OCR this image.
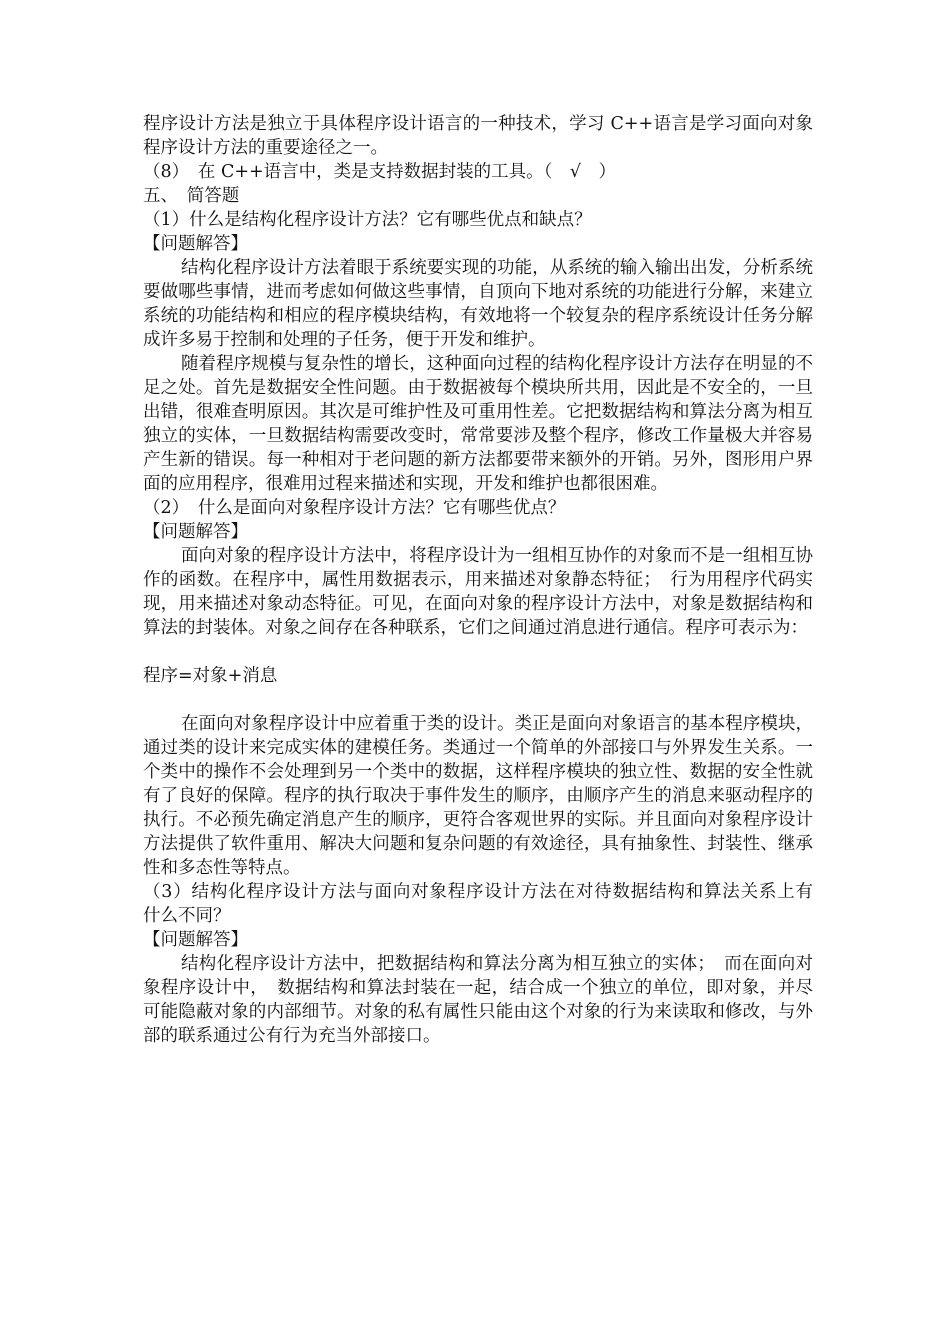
程序设计方法是独立于具体程序设计语言的一种技术，学习 C++语言是学习面向对象程序设计方法的重要途径之一。

（8）　在 C++语言中，类是支持数据封装的工具。（　√　）

五、　简答题

（1）什么是结构化程序设计方法？它有哪些优点和缺点？

【问题解答】

结构化程序设计方法着眼于系统要实现的功能，从系统的输入输出出发，分析系统要做哪些事情，进而考虑如何做这些事情，自顶向下地对系统的功能进行分解，来建立系统的功能结构和相应的程序模块结构，有效地将一个较复杂的程序系统设计任务分解成许多易于控制和处理的子任务，便于开发和维护。

随着程序规模与复杂性的增长，这种面向过程的结构化程序设计方法存在明显的不足之处。首先是数据安全性问题。由于数据被每个模块所共用，因此是不安全的，一旦出错，很难查明原因。其次是可维护性及可重用性差。它把数据结构和算法分离为相互独立的实体，一旦数据结构需要改变时，常常要涉及整个程序，修改工作量极大并容易产生新的错误。每一种相对于老问题的新方法都要带来额外的开销。另外，图形用户界面的应用程序，很难用过程来描述和实现，开发和维护也都很困难。

（2）　什么是面向对象程序设计方法？它有哪些优点？

【问题解答】

面向对象的程序设计方法中，将程序设计为一组相互协作的对象而不是一组相互协作的函数。在程序中，属性用数据表示，用来描述对象静态特征；　行为用程序代码实现，用来描述对象动态特征。可见，在面向对象的程序设计方法中，对象是数据结构和算法的封装体。对象之间存在各种联系，它们之间通过消息进行通信。程序可表示为：

程序=对象+消息

在面向对象程序设计中应着重于类的设计。类正是面向对象语言的基本程序模块，通过类的设计来完成实体的建模任务。类通过一个简单的外部接口与外界发生关系。一个类中的操作不会处理到另一个类中的数据，这样程序模块的独立性、数据的安全性就有了良好的保障。程序的执行取决于事件发生的顺序，由顺序产生的消息来驱动程序的执行。不必预先确定消息产生的顺序，更符合客观世界的实际。并且面向对象程序设计方法提供了软件重用、解决大问题和复杂问题的有效途径，具有抽象性、封装性、继承性和多态性等特点。

（3）结构化程序设计方法与面向对象程序设计方法在对待数据结构和算法关系上有　什么不同？

【问题解答】

结构化程序设计方法中，把数据结构和算法分离为相互独立的实体；　而在面向对象程序设计中，　数据结构和算法封装在一起，结合成一个独立的单位，即对象，并尽可能隐蔽对象的内部细节。对象的私有属性只能由这个对象的行为来读取和修改，与外部的联系通过公有行为充当外部接口。
